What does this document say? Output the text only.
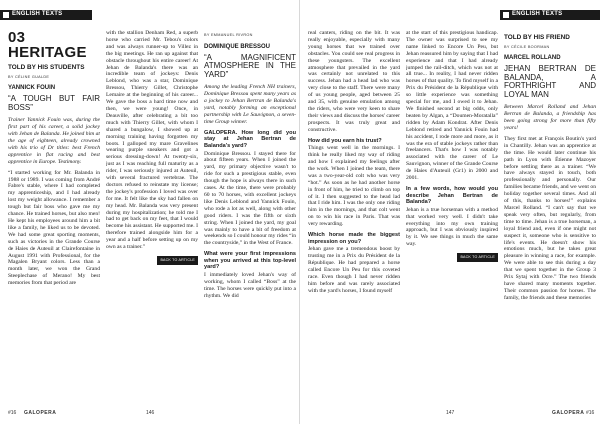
ENGLISH TEXTS
03 HERITAGE
TOLD BY HIS STUDENTS
BY CÉLINE GUALDE
YANNICK FOUIN
“A TOUGH BUT FAIR BOSS”
Trainer Yannick Fouin was, during the first part of his career, a solid jockey with Jehan de Balanda. He joined him at the age of eighteen, already crowned with his trio of Dr titles: best French apprentice in flat racing and best apprentice in Europe. Testimony.
“I started working for Mr. Balanda in 1988 or 1989. I was coming from André Fabre's stable, where I had completed my apprenticeship, and I had already lost my weight allowance. I remember a tough but fair boss who gave me my chance. He trained horses, but also men! He kept his employees around him a bit like a family, he liked us to be devoted. We had some great sporting moments, such as victories in the Grande Course de Haies de Auteuil at Clairefontaine in August 1991 with Professional, for the Magalen Bryant colors. Less than a month later, we won the Grand Steeplechase of Merano! My best memories from that period are
with the stallion Denham Red, a superb horse who carried Mr. Tebou's colors and was always runner-up to Villez in the big meetings. He ran up against that obstacle throughout his entire career! At Jehan de Balanda's there was an incredible team of jockeys: Denis Leblond, who was a star, Dominique Bressou, Thierry Gillet, Christophe Lemaire at the beginning of his career... We gave the boss a hard time now and then, we were young! Once, in Deauville, after celebrating a bit too much with Thierry Gillet, with whom I shared a bungalow, I showed up at morning training having forgotten my boots. I galloped my mare Gravelines wearing purple sneakers and got a serious dressing-down! At twenty-six, just as I was reaching full maturity as a rider, I was seriously injured at Auteuil, with several fractured vertebrae. The doctors refused to reinstate my license; the jockey's profession I loved was over for me. It felt like the sky had fallen on my head. Mr. Balanda was very present during my hospitalization; he told me I had to get back on my feet, that I would become his assistant. He supported me. I therefore trained alongside him for a year and a half before setting up on my own as a trainer.”
BACK TO ARTICLE
BY EMMANUEL RIVRON
DOMINIQUE BRESSOU
“A MAGNIFICENT ATMOSPHERE IN THE YARD”
Among the leading French NH trainers, Dominique Bressou spent many years as a jockey to Jehan Bertran de Balanda's yard, notably forming an exceptional partnership with Le Sauvignon, a seven-time Group winner.
GALOPERA. How long did you stay at Jehan Bertran de Balanda's yard?
Dominique Bressou. I stayed there for about fifteen years. When I joined the yard, my primary objective wasn't to ride for such a prestigious stable, even though the hope is always there in such cases. At the time, there were probably 60 to 70 horses, with excellent jockeys like Denis Leblond and Yannick Fouin, who rode a lot as well, along with other good riders. I was the fifth or sixth string. When I joined the yard, my goal was mainly to have a bit of freedom at weekends so I could honour my rides “in the countryside,” in the West of France.
What were your first impressions when you arrived at this top-level yard?
I immediately loved Jehan's way of working, whom I called “Boss” at the time. The horses were quickly put into a rhythm. We did
#16 GALOPERA	146
ENGLISH TEXTS
real canters, riding on the bit. It was really enjoyable, especially with many young horses that we trained over obstacles. You could see real progress in these youngsters. The excellent atmosphere that prevailed in the yard was certainly not unrelated to this success. Jehan had a head lad who was very close to the staff. There were many of us young people, aged between 25 and 35, with genuine emulation among the riders, who were very keen to share their views and discuss the horses' career prospects. It was truly great and constructive.
How did you earn his trust?
Things went well in the mornings. I think he really liked my way of riding and how I explained my feelings after the work. When I joined the team, there was a two-year-old colt who was very “hot.” As soon as he had another horse in front of him, he tried to climb on top of it. I then suggested to the head lad that I ride him. I was the only one riding him in the mornings, and that colt went on to win his race in Paris. That was very rewarding.
Which horse made the biggest impression on you?
Jehan gave me a tremendous boost by trusting me in a Prix du Président de la République. He had prepared a horse called Encore Un Peu for this coveted race. Even though I had never ridden him before and was rarely associated with the yard's horses, I found myself
at the start of this prestigious handicap. The owner was surprised to see my name linked to Encore Un Peu, but Jehan reassured him by saying that I had experience and that I had already jumped the rail-ditch, which was not at all true... In reality, I had never ridden horses of that quality. To find myself in a Prix du Président de la République with so little experience was something special for me, and I owed it to Jehan. We finished second at big odds, only beaten by Algan, a “Doumen-Moratalla” ridden by Adam Kondrat. After Denis Leblond retired and Yannick Fouin had his accident, I rode more and more, as it was the era of stable jockeys rather than freelancers. That's how I was notably associated with the career of Le Sauvignon, winner of the Grande Course de Haies d'Auteuil (Gr1) in 2000 and 2001.
In a few words, how would you describe Jehan Bertran de Balanda?
Jehan is a true horseman with a method that worked very well. I didn't take everything into my own training approach, but I was obviously inspired by it. We see things in much the same way.
BACK TO ARTICLE
TOLD BY HIS FRIEND
BY CÉCILE BOORMAN
MARCEL ROLLAND
JEHAN BERTRAN DE BALANDA, A FORTHRIGHT AND LOYAL MAN
Between Marcel Rolland and Jehan Bertran de Balanda, a friendship has been going strong for more than fifty years!
They first met at François Boutin's yard in Chantilly. Jehan was an apprentice at the time. He would later continue his path in Lyon with Étienne Mazoyer before settling there as a trainer. “We have always stayed in touch, both professionally and personally. Our families became friends, and we went on holiday together several times. And all of this, thanks to horses!” explains Marcel Rolland. “I can't say that we speak very often, but regularly, from time to time. Jehan is a true horseman, a loyal friend and, even if one might not suspect it, someone who is sensitive to life's events. He doesn't show his emotions much, but he takes great pleasure in winning a race, for example. We were able to see this during a day that we spent together in the Group 3 Prix Sytaj with Ocre.” The two friends have shared many moments together. Their common passion for horses. The family, the friends and these memories
147	GALOPERA #16
